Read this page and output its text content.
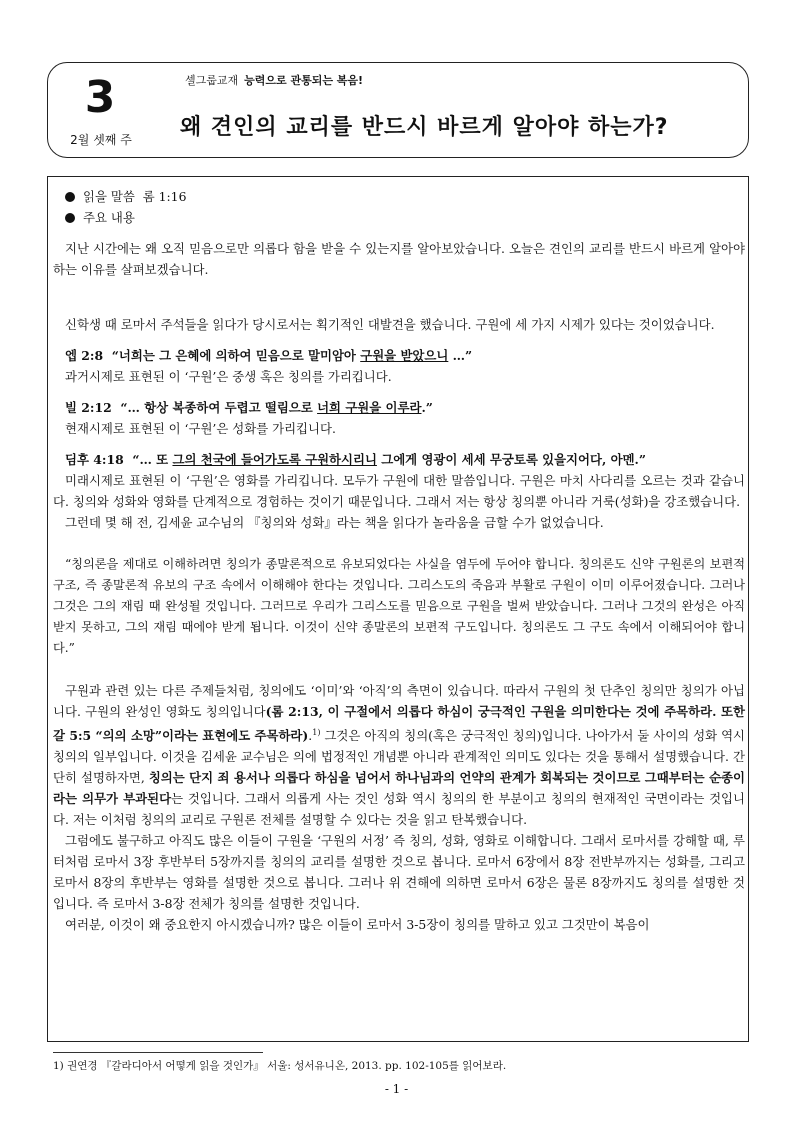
3
2월 셋째 주
셀그룹교재 능력으로 관통되는 복음!
왜 견인의 교리를 반드시 바르게 알아야 하는가?
읽을 말씀 롬 1:16
주요 내용

지난 시간에는 왜 오직 믿음으로만 의롭다 함을 받을 수 있는지를 알아보았습니다. 오늘은 견인의 교리를 반드시 바르게 알아야 하는 이유를 살펴보겠습니다.

신학생 때 로마서 주석들을 읽다가 당시로서는 획기적인 대발견을 했습니다. 구원에 세 가지 시제가 있다는 것이었습니다.

엡 2:8 “너희는 그 은혜에 의하여 믿음으로 말미암아 구원을 받았으니 …”
과거시제로 표현된 이 ‘구원’은 중생 혹은 칭의를 가리킵니다.
빌 2:12 “… 항상 복종하여 두렵고 떨림으로 너희 구원을 이루라.”
현재시제로 표현된 이 ‘구원’은 성화를 가리킵니다.
딤후 4:18 “… 또 그의 천국에 들어가도록 구원하시리니 그에게 영광이 세세 무궁토록 있을지어다, 아멘.”

미래시제로 표현된 이 ‘구원’은 영화를 가리킵니다. 모두가 구원에 대한 말씀입니다. 구원은 마치 사다리를 오르는 것과 같습니다. 칭의와 성화와 영화를 단계적으로 경험하는 것이기 때문입니다. 그래서 저는 항상 칭의뿐 아니라 거룩(성화)을 강조했습니다.

그런데 몇 해 전, 김세윤 교수님의 『칭의와 성화』라는 책을 읽다가 놀라움을 금할 수가 없었습니다.

“칭의론을 제대로 이해하려면 칭의가 종말론적으로 유보되었다는 사실을 염두에 두어야 합니다. 칭의론도 신약 구원론의 보편적 구조, 즉 종말론적 유보의 구조 속에서 이해해야 한다는 것입니다. 그리스도의 죽음과 부활로 구원이 이미 이루어졌습니다. 그러나 그것은 그의 재림 때 완성될 것입니다. 그러므로 우리가 그리스도를 믿음으로 구원을 벌써 받았습니다. 그러나 그것의 완성은 아직 받지 못하고, 그의 재림 때에야 받게 됩니다. 이것이 신약 종말론의 보편적 구도입니다. 칭의론도 그 구도 속에서 이해되어야 합니다.”

구원과 관련 있는 다른 주제들처럼, 칭의에도 ‘이미’와 ‘아직’의 측면이 있습니다. 따라서 구원의 첫 단추인 칭의만 칭의가 아닙니다. 구원의 완성인 영화도 칭의입니다(롬 2:13, 이 구절에서 의롭다 하심이 궁극적인 구원을 의미한다는 것에 주목하라. 또한 갈 5:5 “의의 소망”이라는 표현에도 주목하라).$^{1)}$ 그것은 아직의 칭의(혹은 궁극적인 칭의)입니다. 나아가서 둘 사이의 성화 역시 칭의의 일부입니다. 이것을 김세윤 교수님은 의에 법정적인 개념뿐 아니라 관계적인 의미도 있다는 것을 통해서 설명했습니다. 간단히 설명하자면, 칭의는 단지 죄 용서나 의롭다 하심을 넘어서 하나님과의 언약의 관계가 회복되는 것이므로 그때부터는 순종이라는 의무가 부과된다는 것입니다. 그래서 의롭게 사는 것인 성화 역시 칭의의 한 부분이고 칭의의 현재적인 국면이라는 것입니다. 저는 이처럼 칭의의 교리로 구원론 전체를 설명할 수 있다는 것을 읽고 탄복했습니다.

그럼에도 불구하고 아직도 많은 이들이 구원을 ‘구원의 서정’ 즉 칭의, 성화, 영화로 이해합니다. 그래서 로마서를 강해할 때, 루터처럼 로마서 3장 후반부터 5장까지를 칭의의 교리를 설명한 것으로 봅니다. 로마서 6장에서 8장 전반부까지는 성화를, 그리고 로마서 8장의 후반부는 영화를 설명한 것으로 봅니다. 그러나 위 견해에 의하면 로마서 6장은 물론 8장까지도 칭의를 설명한 것입니다. 즉 로마서 3-8장 전체가 칭의를 설명한 것입니다.

여러분, 이것이 왜 중요한지 아시겠습니까? 많은 이들이 로마서 3-5장이 칭의를 말하고 있고 그것만이 복음이

1) 권연경 『갈라디아서 어떻게 읽을 것인가』 서울: 성서유니온, 2013. pp. 102-105를 읽어보라.
- 1 -
